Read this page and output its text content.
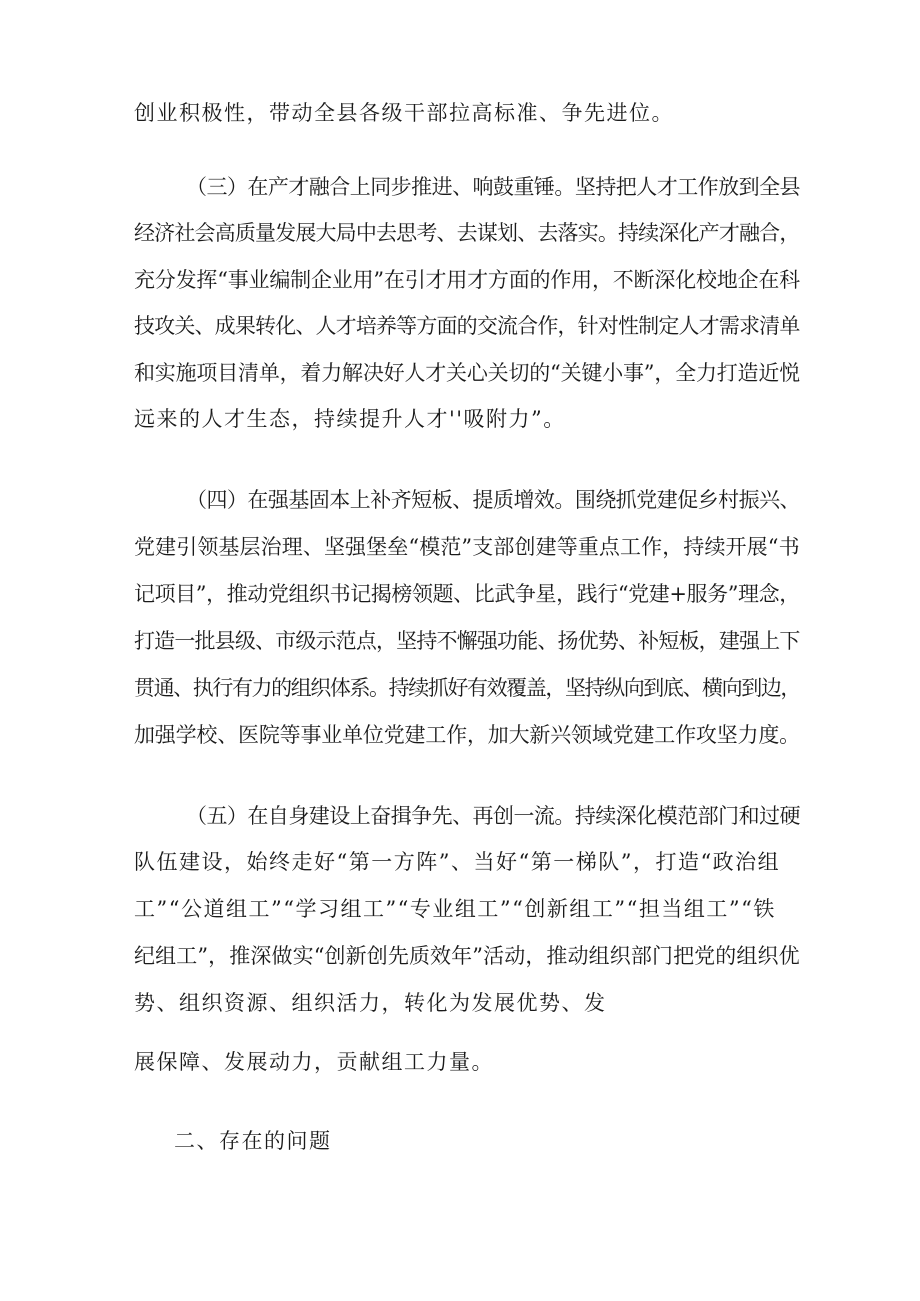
创业积极性，带动全县各级干部拉高标准、争先进位。
（三）在产才融合上同步推进、响鼓重锤。坚持把人才工作放到全县
经济社会高质量发展大局中去思考、去谋划、去落实。持续深化产才融合，
充分发挥“事业编制企业用”在引才用才方面的作用，不断深化校地企在科
技攻关、成果转化、人才培养等方面的交流合作，针对性制定人才需求清单
和实施项目清单，着力解决好人才关心关切的“关键小事”，全力打造近悦
远来的人才生态，持续提升人才''吸附力”。
（四）在强基固本上补齐短板、提质增效。围绕抓党建促乡村振兴、
党建引领基层治理、坚强堡垒“模范”支部创建等重点工作，持续开展“书
记项目”，推动党组织书记揭榜领题、比武争星，践行“党建+服务”理念，
打造一批县级、市级示范点，坚持不懈强功能、扬优势、补短板，建强上下
贯通、执行有力的组织体系。持续抓好有效覆盖，坚持纵向到底、横向到边，
加强学校、医院等事业单位党建工作，加大新兴领域党建工作攻坚力度。
（五）在自身建设上奋揖争先、再创一流。持续深化模范部门和过硬
队伍建设，始终走好“第一方阵”、当好“第一梯队”，打造“政治组
工”“公道组工”“学习组工”“专业组工”“创新组工”“担当组工”“铁
纪组工”，推深做实“创新创先质效年”活动，推动组织部门把党的组织优
势、组织资源、组织活力，转化为发展优势、发
展保障、发展动力，贡献组工力量。
二、存在的问题
